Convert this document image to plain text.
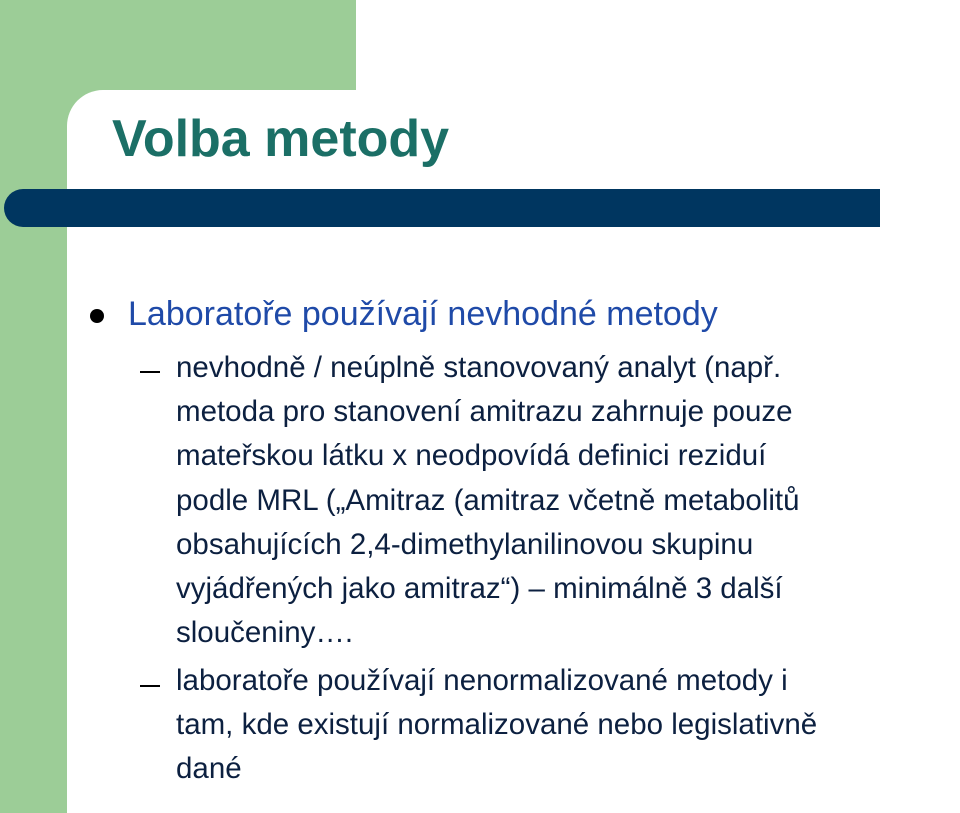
Volba metody

Laboratoře používají nevhodné metody

nevhodně / neúplně stanovovaný analyt (např.
metoda pro stanovení amitrazu zahrnuje pouze
mateřskou látku x neodpovídá definici reziduí
podle MRL („Amitraz (amitraz včetně metabolitů
obsahujících 2,4-dimethylanilinovou skupinu
vyjádřených jako amitraz“) – minimálně 3 další
sloučeniny….

laboratoře používají nenormalizované metody i
tam, kde existují normalizované nebo legislativně
dané
